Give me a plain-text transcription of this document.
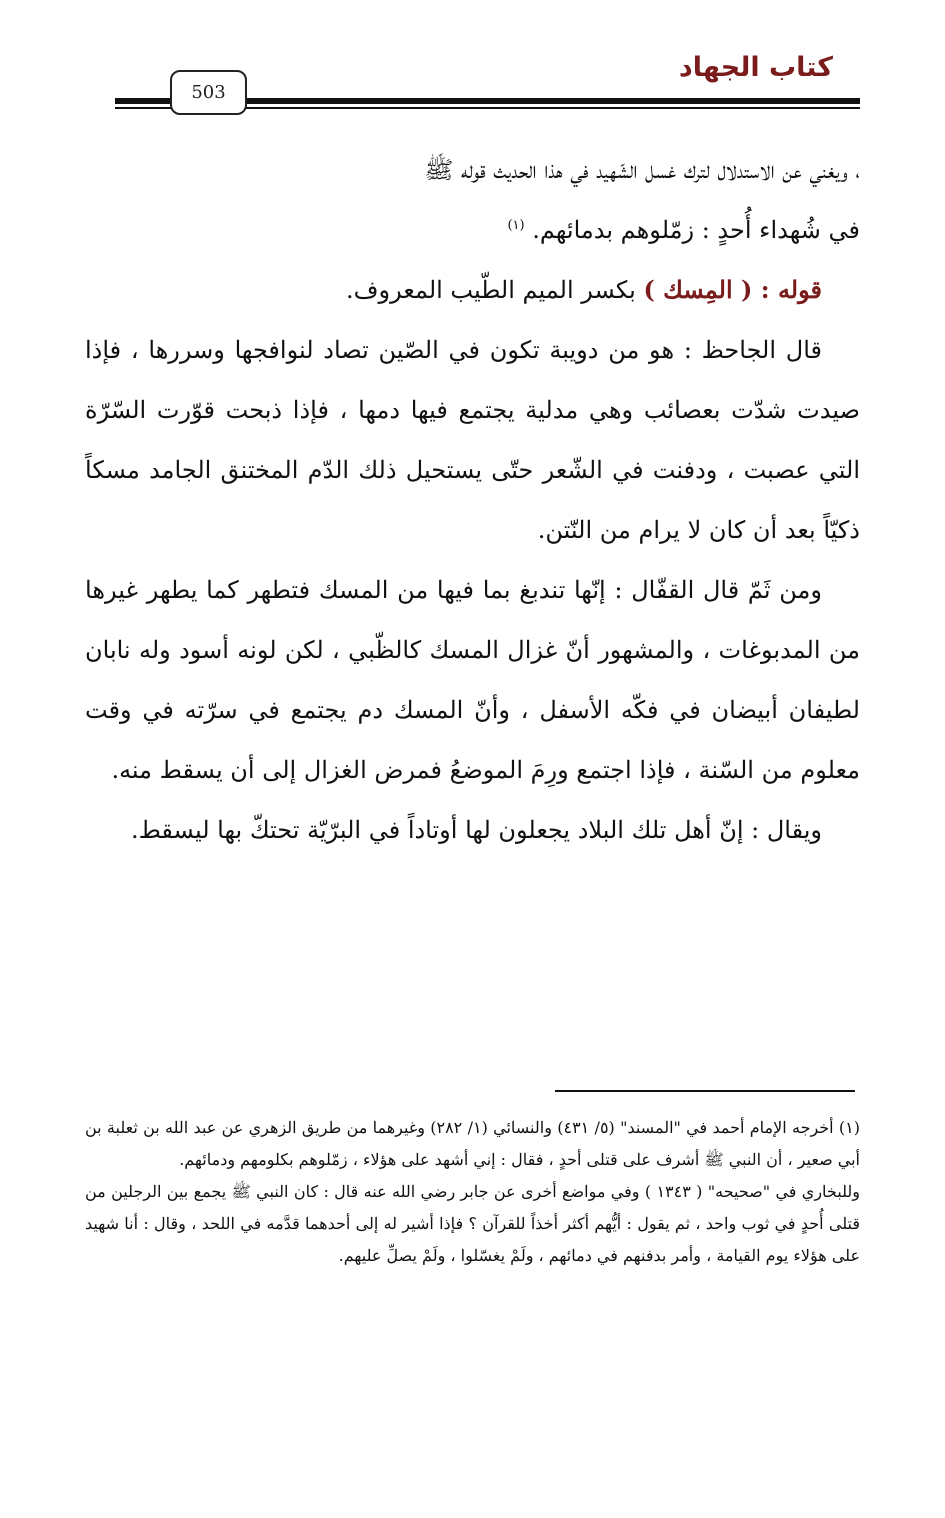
كتاب الجهاد
503

، ويغني عن الاستدلال لترك غسل الشّهيد في هذا الحديث قوله ﷺ
في شُهداء أُحدٍ : زمّلوهم بدمائهم. $^{(١)}$

قوله : ( المِسك ) بكسر الميم الطّيب المعروف.

قال الجاحظ : هو من دويبة تكون في الصّين تصاد لنوافجها وسررها ، فإذا صيدت شدّت بعصائب وهي مدلية يجتمع فيها دمها ، فإذا ذبحت قوّرت السّرّة التي عصبت ، ودفنت في الشّعر حتّى يستحيل ذلك الدّم المختنق الجامد مسكاً ذكيّاً بعد أن كان لا يرام من النّتن.

ومن ثَمّ قال القفّال : إنّها تندبغ بما فيها من المسك فتطهر كما يطهر غيرها من المدبوغات ، والمشهور أنّ غزال المسك كالظّبي ، لكن لونه أسود وله نابان لطيفان أبيضان في فكّه الأسفل ، وأنّ المسك دم يجتمع في سرّته في وقت معلوم من السّنة ، فإذا اجتمع ورِمَ الموضعُ فمرض الغزال إلى أن يسقط منه.

ويقال : إنّ أهل تلك البلاد يجعلون لها أوتاداً في البرّيّة تحتكّ بها ليسقط.

(١) أخرجه الإمام أحمد في "المسند" (٥/ ٤٣١) والنسائي (١/ ٢٨٢) وغيرهما من طريق الزهري عن عبد الله بن ثعلبة بن أبي صعير ، أن النبي ﷺ أشرف على قتلى أحدٍ ، فقال : إني أشهد على هؤلاء ، زمّلوهم بكلومهم ودمائهم.

وللبخاري في "صحيحه" ( ١٣٤٣ ) وفي مواضع أخرى عن جابر رضي الله عنه قال : كان النبي ﷺ يجمع بين الرجلين من قتلى أُحدٍ في ثوب واحد ، ثم يقول : أيُّهم أكثر أخذاً للقرآن ؟ فإذا أشير له إلى أحدهما قدَّمه في اللحد ، وقال : أنا شهيد على هؤلاء يوم القيامة ، وأمر بدفنهم في دمائهم ، ولَمْ يغسّلوا ، ولَمْ يصلِّ عليهم.
